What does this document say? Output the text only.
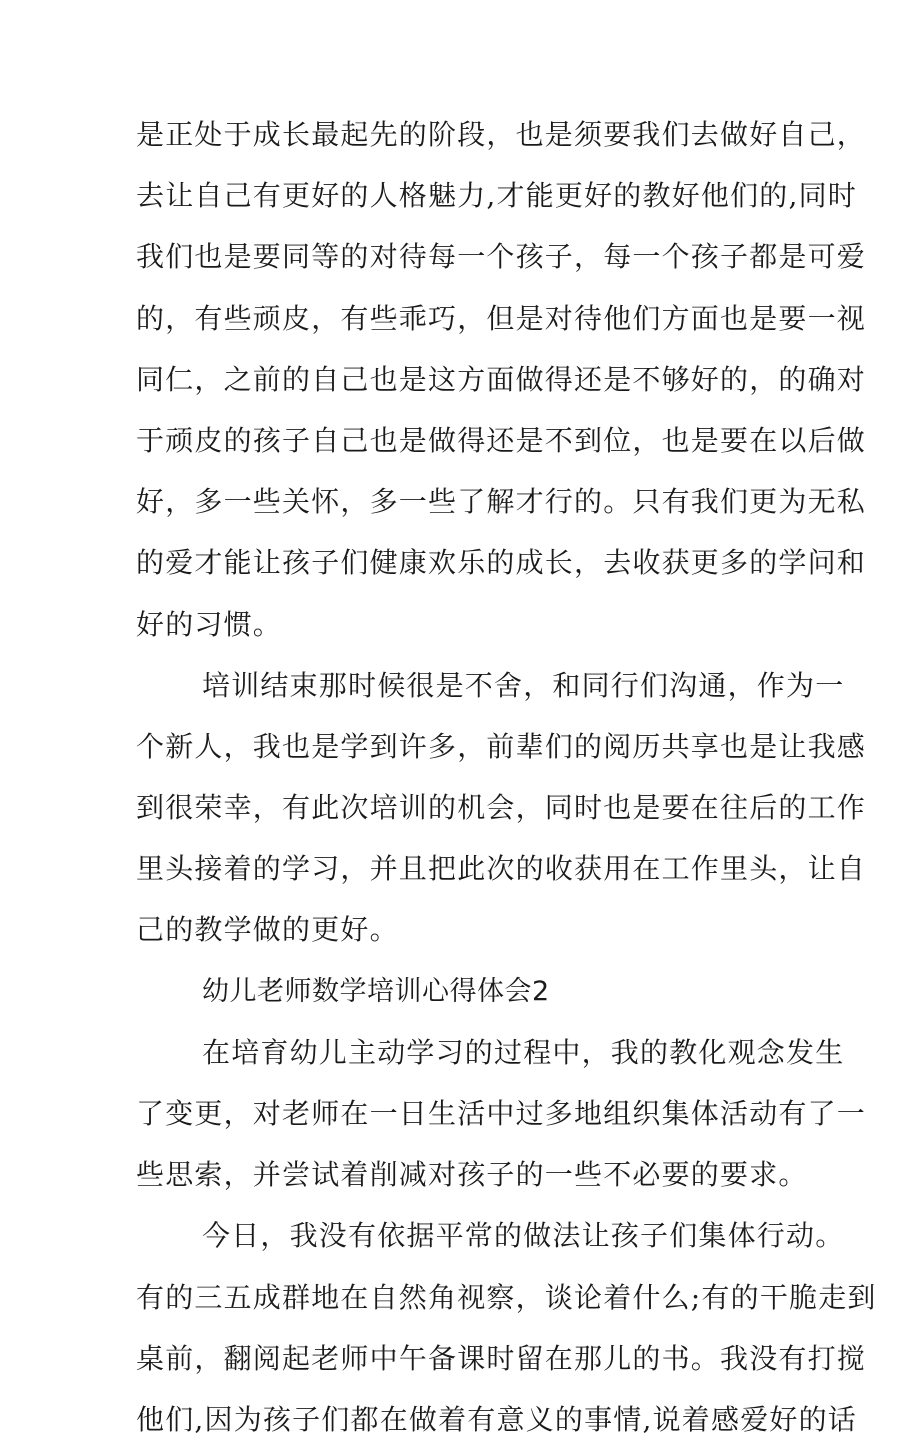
是正处于成长最起先的阶段，也是须要我们去做好自己，
去让自己有更好的人格魅力,才能更好的教好他们的,同时
我们也是要同等的对待每一个孩子，每一个孩子都是可爱
的，有些顽皮，有些乖巧，但是对待他们方面也是要一视
同仁，之前的自己也是这方面做得还是不够好的，的确对
于顽皮的孩子自己也是做得还是不到位，也是要在以后做
好，多一些关怀，多一些了解才行的。只有我们更为无私
的爱才能让孩子们健康欢乐的成长，去收获更多的学问和
好的习惯。
培训结束那时候很是不舍，和同行们沟通，作为一
个新人，我也是学到许多，前辈们的阅历共享也是让我感
到很荣幸，有此次培训的机会，同时也是要在往后的工作
里头接着的学习，并且把此次的收获用在工作里头，让自
己的教学做的更好。
幼儿老师数学培训心得体会2
在培育幼儿主动学习的过程中，我的教化观念发生
了变更，对老师在一日生活中过多地组织集体活动有了一
些思索，并尝试着削减对孩子的一些不必要的要求。
今日，我没有依据平常的做法让孩子们集体行动。
有的三五成群地在自然角视察，谈论着什么;有的干脆走到
桌前，翻阅起老师中午备课时留在那儿的书。我没有打搅
他们,因为孩子们都在做着有意义的事情,说着感爱好的话
